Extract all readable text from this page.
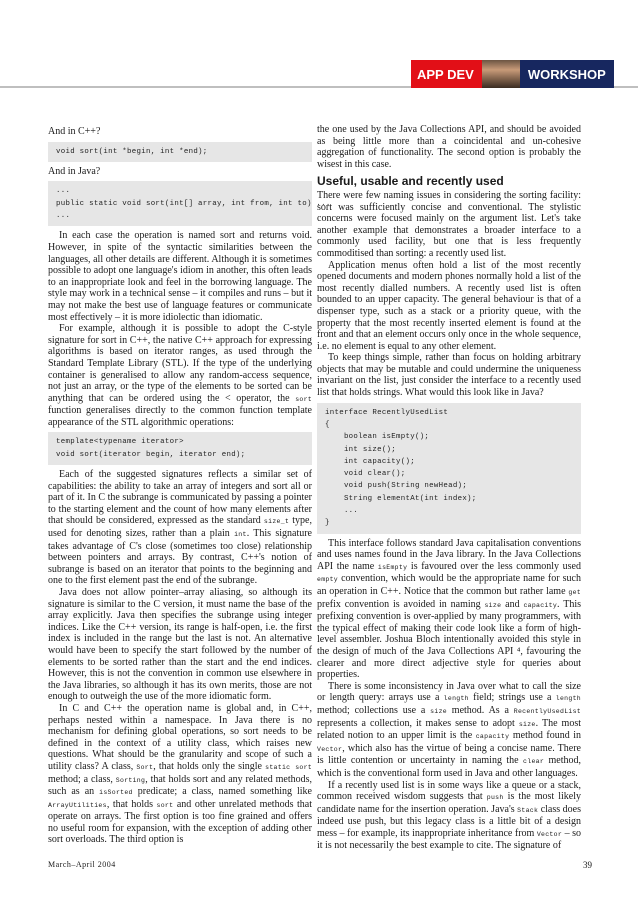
APP DEV	WORKSHOP

And in C++?

void sort(int *begin, int *end);

And in Java?

...
public static void sort(int[] array, int from, int to) ...
...

In each case the operation is named sort and returns void. However, in spite of the syntactic similarities between the languages, all other details are different. Although it is sometimes possible to adopt one language's idiom in another, this often leads to an inappropriate look and feel in the borrowing language. The style may work in a technical sense – it compiles and runs – but it may not make the best use of language features or communicate most effectively – it is more idiolectic than idiomatic.

For example, although it is possible to adopt the C-style signature for sort in C++, the native C++ approach for expressing algorithms is based on iterator ranges, as used through the Standard Template Library (STL). If the type of the underlying container is generalised to allow any random-access sequence, not just an array, or the type of the elements to be sorted can be anything that can be ordered using the < operator, the sort function generalises directly to the common function template appearance of the STL algorithmic operations:

template<typename iterator>
void sort(iterator begin, iterator end);

Each of the suggested signatures reflects a similar set of capabilities: the ability to take an array of integers and sort all or part of it. In C the subrange is communicated by passing a pointer to the starting element and the count of how many elements after that should be considered, expressed as the standard size_t type, used for denoting sizes, rather than a plain int. This signature takes advantage of C's close (sometimes too close) relationship between pointers and arrays. By contrast, C++'s notion of subrange is based on an iterator that points to the beginning and one to the first element past the end of the subrange.

Java does not allow pointer–array aliasing, so although its signature is similar to the C version, it must name the base of the array explicitly. Java then specifies the subrange using integer indices. Like the C++ version, its range is half-open, i.e. the first index is included in the range but the last is not. An alternative would have been to specify the start followed by the number of elements to be sorted rather than the start and the end indices. However, this is not the convention in common use elsewhere in the Java libraries, so although it has its own merits, those are not enough to outweigh the use of the more idiomatic form.

In C and C++ the operation name is global and, in C++, perhaps nested within a namespace. In Java there is no mechanism for defining global operations, so sort needs to be defined in the context of a utility class, which raises new questions. What should be the granularity and scope of such a utility class? A class, Sort, that holds only the single static sort method; a class, Sorting, that holds sort and any related methods, such as an isSorted predicate; a class, named something like ArrayUtilities, that holds sort and other unrelated methods that operate on arrays. The first option is too fine grained and offers no useful room for expansion, with the exception of adding other sort overloads. The third option is

the one used by the Java Collections API, and should be avoided as being little more than a coincidental and un-cohesive aggregation of functionality. The second option is probably the wisest in this case.

Useful, usable and recently used

There were few naming issues in considering the sorting facility: sort was sufficiently concise and conventional. The stylistic concerns were focused mainly on the argument list. Let's take another example that demonstrates a broader interface to a commonly used facility, but one that is less frequently commoditised than sorting: a recently used list.

Application menus often hold a list of the most recently opened documents and modern phones normally hold a list of the most recently dialled numbers. A recently used list is often bounded to an upper capacity. The general behaviour is that of a dispenser type, such as a stack or a priority queue, with the property that the most recently inserted element is found at the front and that an element occurs only once in the whole sequence, i.e. no element is equal to any other element.

To keep things simple, rather than focus on holding arbitrary objects that may be mutable and could undermine the uniqueness invariant on the list, just consider the interface to a recently used list that holds strings. What would this look like in Java?

interface RecentlyUsedList
{
boolean isEmpty();
int size();
int capacity();
void clear();
void push(String newHead);
String elementAt(int index);
...
}

This interface follows standard Java capitalisation conventions and uses names found in the Java library. In the Java Collections API the name isEmpty is favoured over the less commonly used empty convention, which would be the appropriate name for such an operation in C++. Notice that the common but rather lame get prefix convention is avoided in naming size and capacity. This prefixing convention is over-applied by many programmers, with the typical effect of making their code look like a form of high-level assembler. Joshua Bloch intentionally avoided this style in the design of much of the Java Collections API ⁴, favouring the clearer and more direct adjective style for queries about properties.

There is some inconsistency in Java over what to call the size or length query: arrays use a length field; strings use a length method; collections use a size method. As a RecentlyUsedList represents a collection, it makes sense to adopt size. The most related notion to an upper limit is the capacity method found in Vector, which also has the virtue of being a concise name. There is little contention or uncertainty in naming the clear method, which is the conventional form used in Java and other languages.

If a recently used list is in some ways like a queue or a stack, common received wisdom suggests that push is the most likely candidate name for the insertion operation. Java's Stack class does indeed use push, but this legacy class is a little bit of a design mess – for example, its inappropriate inheritance from Vector – so it is not necessarily the best example to cite. The signature of

March–April 2004	39
